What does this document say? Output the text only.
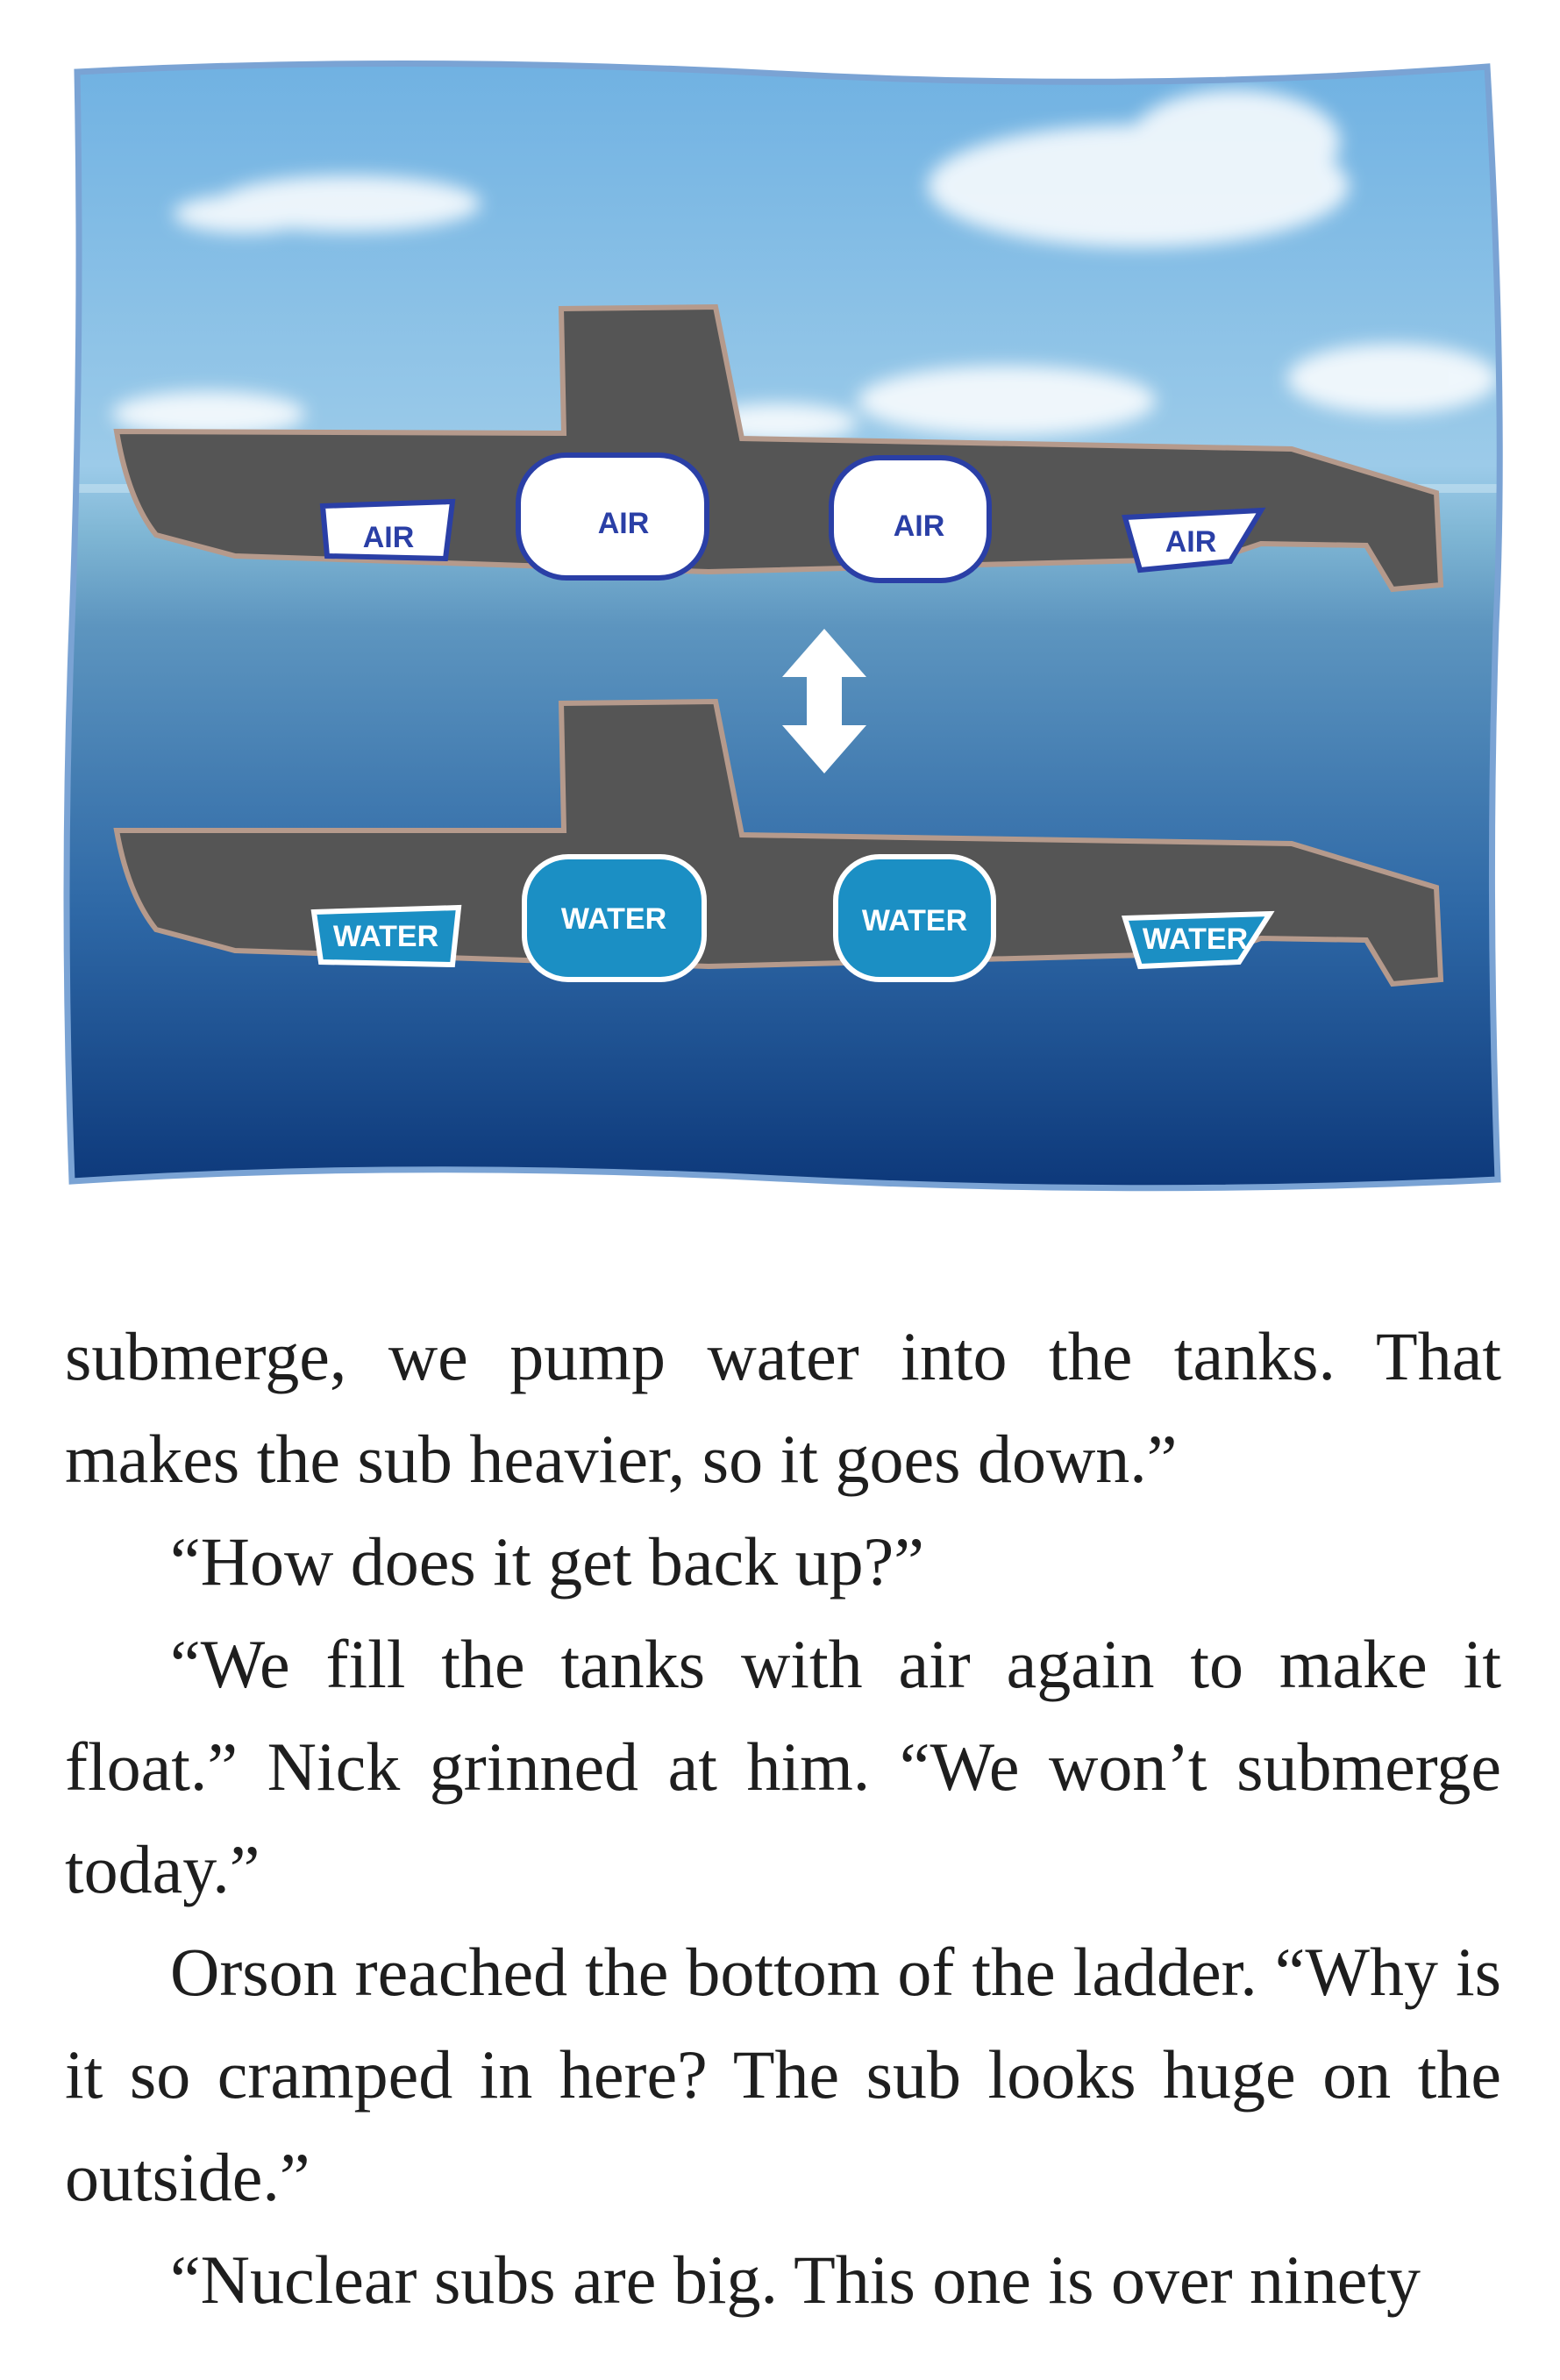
AIR	AIR	AIR	AIR
WATER
WATER	WATER
WATER

submerge, we pump water into the tanks. That makes the sub heavier, so it goes down.”

“How does it get back up?”

“We fill the tanks with air again to make it float.” Nick grinned at him. “We won’t submerge today.”

Orson reached the bottom of the ladder. “Why is it so cramped in here? The sub looks huge on the outside.”

“Nuclear subs are big. This one is over ninety
